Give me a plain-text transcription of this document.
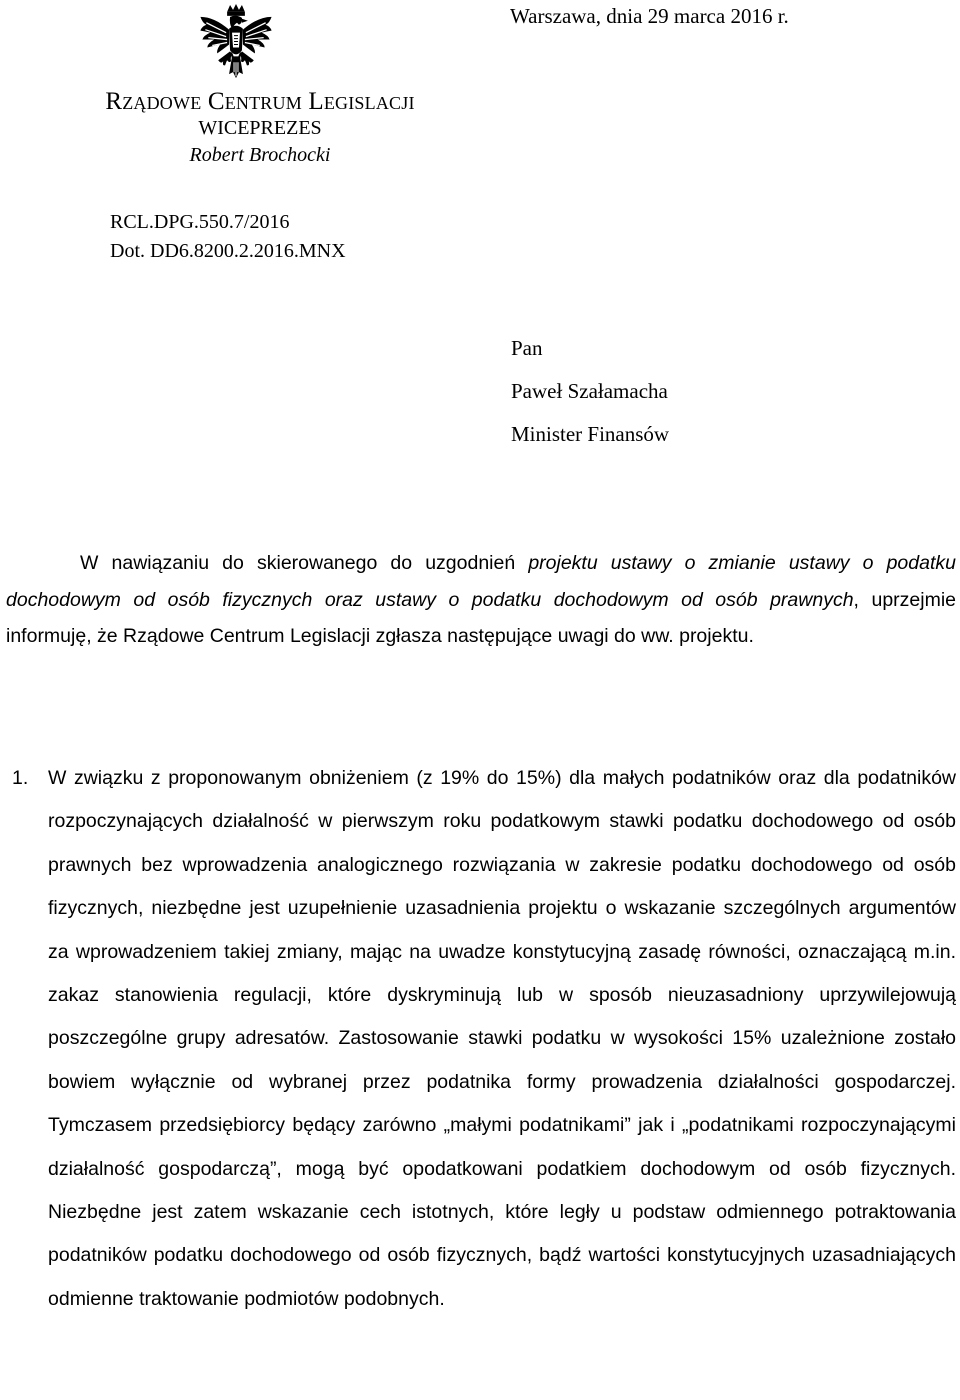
Warszawa, dnia 29 marca 2016 r.
Rządowe Centrum Legislacji
WICEPREZES
Robert Brochocki
RCL.DPG.550.7/2016
Dot. DD6.8200.2.2016.MNX
Pan
Paweł Szałamacha
Minister Finansów

W nawiązaniu do skierowanego do uzgodnień projektu ustawy o zmianie ustawy o podatku dochodowym od osób fizycznych oraz ustawy o podatku dochodowym od osób prawnych, uprzejmie informuję, że Rządowe Centrum Legislacji zgłasza następujące uwagi do ww. projektu.

1. W związku z proponowanym obniżeniem (z 19% do 15%) dla małych podatników oraz dla podatników rozpoczynających działalność w pierwszym roku podatkowym stawki podatku dochodowego od osób prawnych bez wprowadzenia analogicznego rozwiązania w zakresie podatku dochodowego od osób fizycznych, niezbędne jest uzupełnienie uzasadnienia projektu o wskazanie szczególnych argumentów za wprowadzeniem takiej zmiany, mając na uwadze konstytucyjną zasadę równości, oznaczającą m.in. zakaz stanowienia regulacji, które dyskryminują lub w sposób nieuzasadniony uprzywilejowują poszczególne grupy adresatów. Zastosowanie stawki podatku w wysokości 15% uzależnione zostało bowiem wyłącznie od wybranej przez podatnika formy prowadzenia działalności gospodarczej. Tymczasem przedsiębiorcy będący zarówno „małymi podatnikami” jak i „podatnikami rozpoczynającymi działalność gospodarczą”, mogą być opodatkowani podatkiem dochodowym od osób fizycznych. Niezbędne jest zatem wskazanie cech istotnych, które legły u podstaw odmiennego potraktowania podatników podatku dochodowego od osób fizycznych, bądź wartości konstytucyjnych uzasadniających odmienne traktowanie podmiotów podobnych.
